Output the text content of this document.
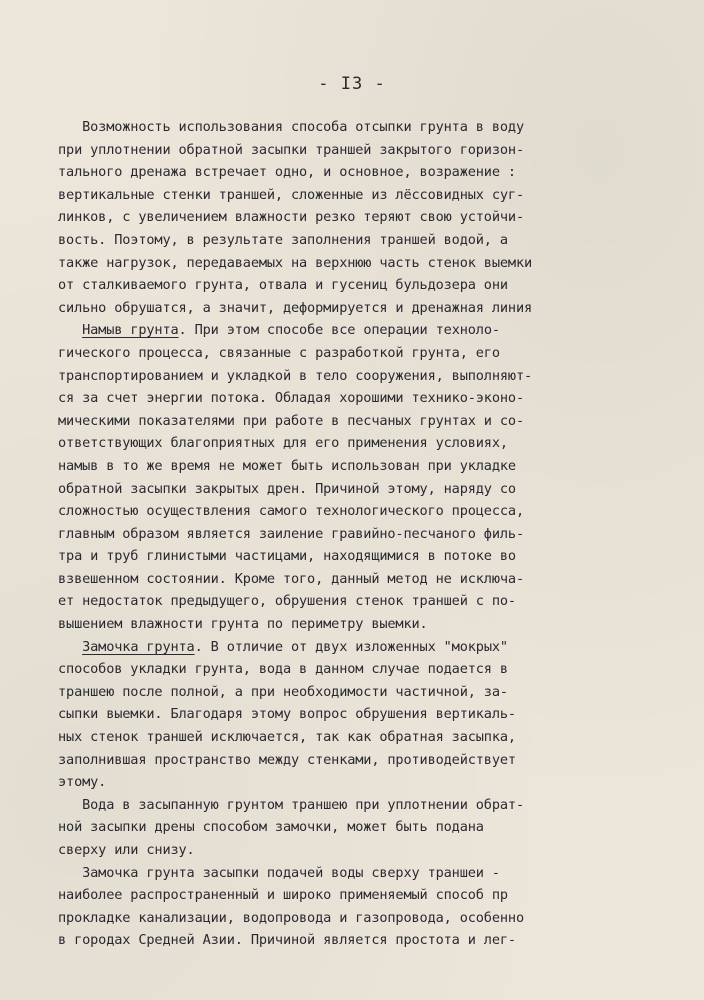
- I3 -
Возможность использования способа отсыпки грунта в воду
при уплотнении обратной засыпки траншей закрытого горизон-
тального дренажа встречает одно, и основное, возражение :
вертикальные стенки траншей, сложенные из лёссовидных суг-
линков, с увеличением влажности резко теряют свою устойчи-
вость. Поэтому, в результате заполнения траншей водой, а
также нагрузок, передаваемых на верхнюю часть стенок выемки
от сталкиваемого грунта, отвала и гусениц бульдозера они
сильно обрушатся, а значит, деформируется и дренажная линия
Намыв грунта. При этом способе все операции техноло-
гического процесса, связанные с разработкой грунта, его
транспортированием и укладкой в тело сооружения, выполняют-
ся за счет энергии потока. Обладая хорошими технико-эконо-
мическими показателями при работе в песчаных грунтах и со-
ответствующих благоприятных для его применения условиях,
намыв в то же время не может быть использован при укладке
обратной засыпки закрытых дрен. Причиной этому, наряду со
сложностью осуществления самого технологического процесса,
главным образом является заиление гравийно-песчаного филь-
тра и труб глинистыми частицами, находящимися в потоке во
взвешенном состоянии. Кроме того, данный метод не исключа-
ет недостаток предыдущего, обрушения стенок траншей с по-
вышением влажности грунта по периметру выемки.
Замочка грунта. В отличие от двух изложенных "мокрых"
способов укладки грунта, вода в данном случае подается в
траншею после полной, а при необходимости частичной, за-
сыпки выемки. Благодаря этому вопрос обрушения вертикаль-
ных стенок траншей исключается, так как обратная засыпка,
заполнившая пространство между стенками, противодействует
этому.
Вода в засыпанную грунтом траншею при уплотнении обрат-
ной засыпки дрены способом замочки, может быть подана
сверху или снизу.
Замочка грунта засыпки подачей воды сверху траншеи -
наиболее распространенный и широко применяемый способ пр
прокладке канализации, водопровода и газопровода, особенно
в городах Средней Азии. Причиной является простота и лег-
